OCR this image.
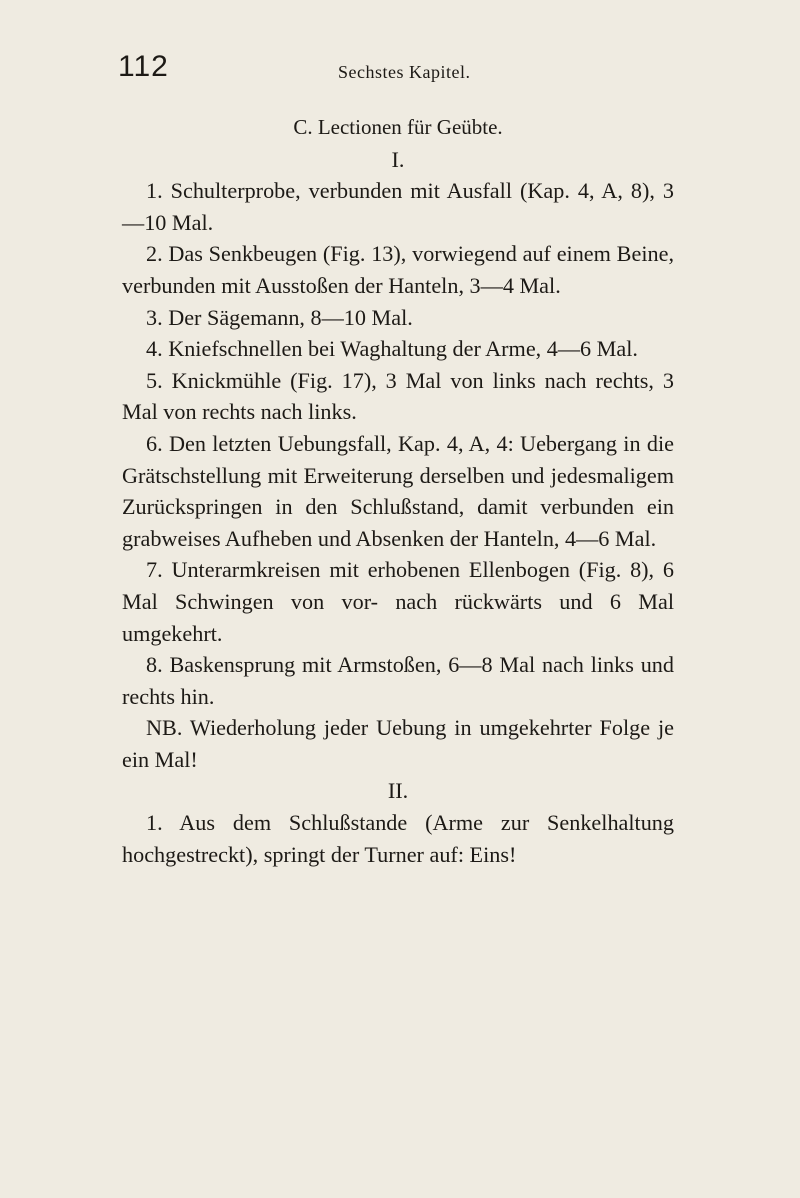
112	Sechstes Kapitel.
C. Lectionen für Geübte.
I.

1. Schulterprobe, verbunden mit Ausfall (Kap. 4, A, 8), 3—10 Mal.

2. Das Senkbeugen (Fig. 13), vorwiegend auf einem Beine, verbunden mit Ausstoßen der Hanteln, 3—4 Mal.

3. Der Sägemann, 8—10 Mal.

4. Kniefschnellen bei Waghaltung der Arme, 4—6 Mal.

5. Knickmühle (Fig. 17), 3 Mal von links nach rechts, 3 Mal von rechts nach links.

6. Den letzten Uebungsfall, Kap. 4, A, 4: Uebergang in die Grätschstellung mit Erweiterung derselben und jedesmaligem Zurückspringen in den Schlußstand, damit verbunden ein grabweises Aufheben und Absenken der Hanteln, 4—6 Mal.

7. Unterarmkreisen mit erhobenen Ellenbogen (Fig. 8), 6 Mal Schwingen von vor- nach rückwärts und 6 Mal umgekehrt.

8. Baskensprung mit Armstoßen, 6—8 Mal nach links und rechts hin.

NB. Wiederholung jeder Uebung in umgekehrter Folge je ein Mal!

II.

1. Aus dem Schlußstande (Arme zur Senkelhaltung hochgestreckt), springt der Turner auf: Eins!
